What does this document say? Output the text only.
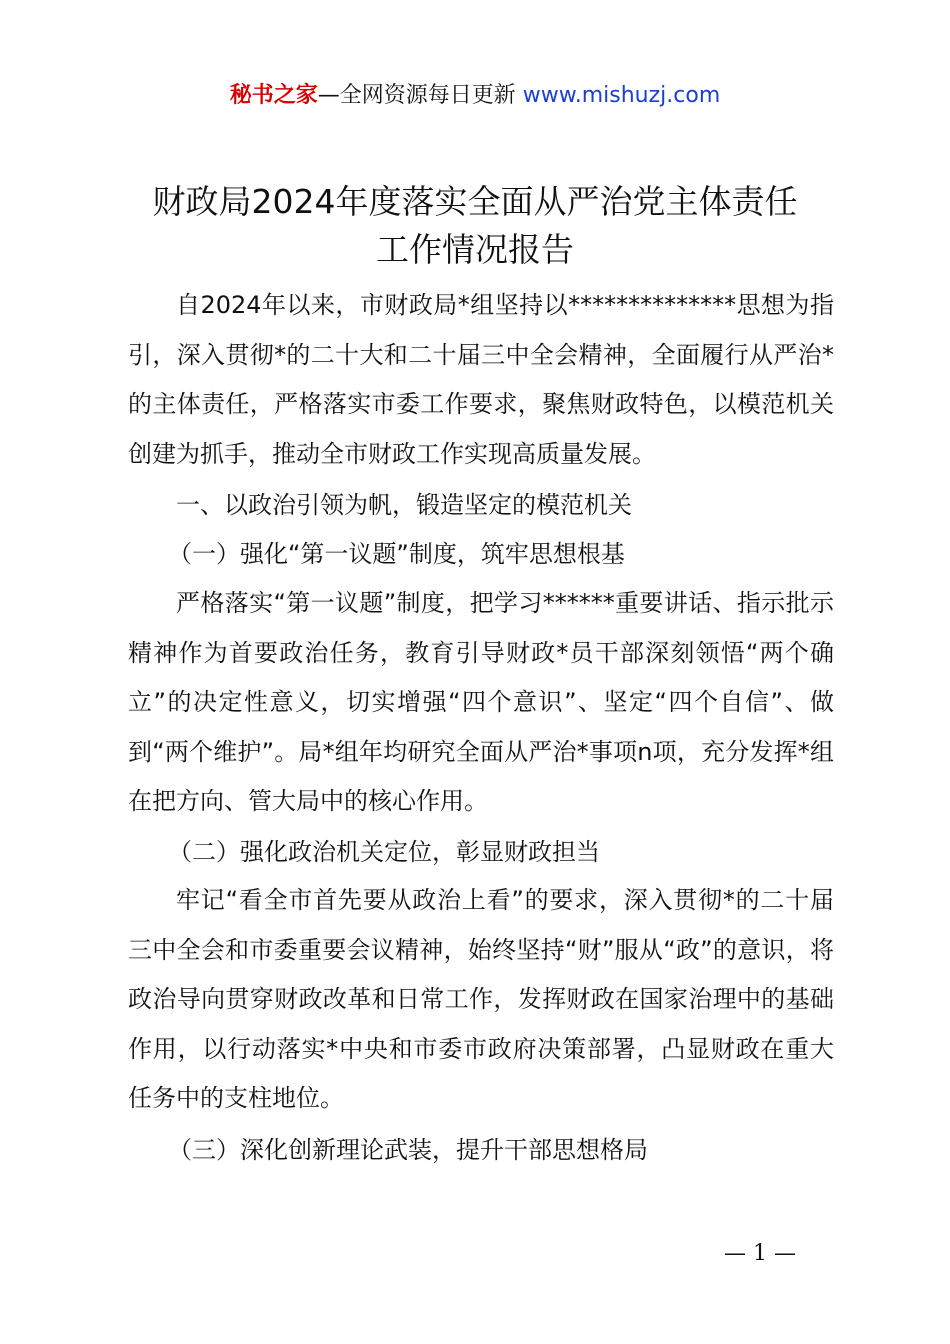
秘书之家—全网资源每日更新 www.mishuzj.com
财政局2024年度落实全面从严治党主体责任
工作情况报告

自2024年以来，市财政局*组坚持以**************思想为指引，深入贯彻*的二十大和二十届三中全会精神，全面履行从严治*的主体责任，严格落实市委工作要求，聚焦财政特色，以模范机关创建为抓手，推动全市财政工作实现高质量发展。

一、以政治引领为帆，锻造坚定的模范机关

（一）强化“第一议题”制度，筑牢思想根基

严格落实“第一议题”制度，把学习******重要讲话、指示批示精神作为首要政治任务，教育引导财政*员干部深刻领悟“两个确立”的决定性意义，切实增强“四个意识”、坚定“四个自信”、做到“两个维护”。局*组年均研究全面从严治*事项n项，充分发挥*组在把方向、管大局中的核心作用。

（二）强化政治机关定位，彰显财政担当

牢记“看全市首先要从政治上看”的要求，深入贯彻*的二十届三中全会和市委重要会议精神，始终坚持“财”服从“政”的意识，将政治导向贯穿财政改革和日常工作，发挥财政在国家治理中的基础作用，以行动落实*中央和市委市政府决策部署，凸显财政在重大任务中的支柱地位。

（三）深化创新理论武装，提升干部思想格局

— 1 —
